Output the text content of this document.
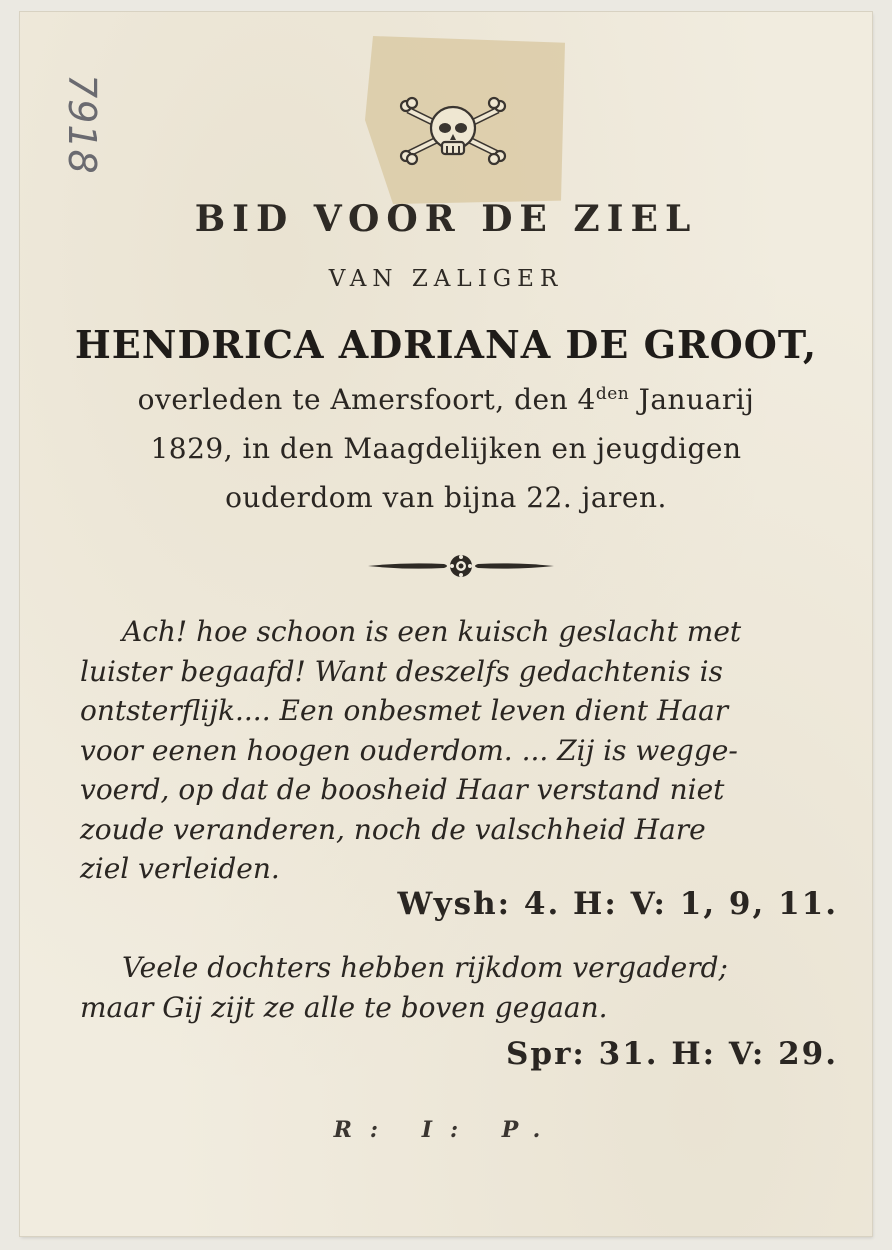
7918
BID VOOR DE ZIEL
VAN ZALIGER
HENDRICA ADRIANA DE GROOT,
overleden te Amersfoort, den $4^{den}$ Januarij
1829, in den Maagdelijken en jeugdigen
ouderdom van bijna 22. jaren.
Ach! hoe schoon is een kuisch geslacht met
luister begaafd! Want deszelfs gedachtenis is
ontsterflijk.... Een onbesmet leven dient Haar
voor eenen hoogen ouderdom. ... Zij is wegge-
voerd, op dat de boosheid Haar verstand niet
zoude veranderen, noch de valschheid Hare
ziel verleiden.
Wysh: 4. H: V: 1, 9, 11.
Veele dochters hebben rijkdom vergaderd;
maar Gij zijt ze alle te boven gegaan.
Spr: 31. H: V: 29.
R: I: P.
